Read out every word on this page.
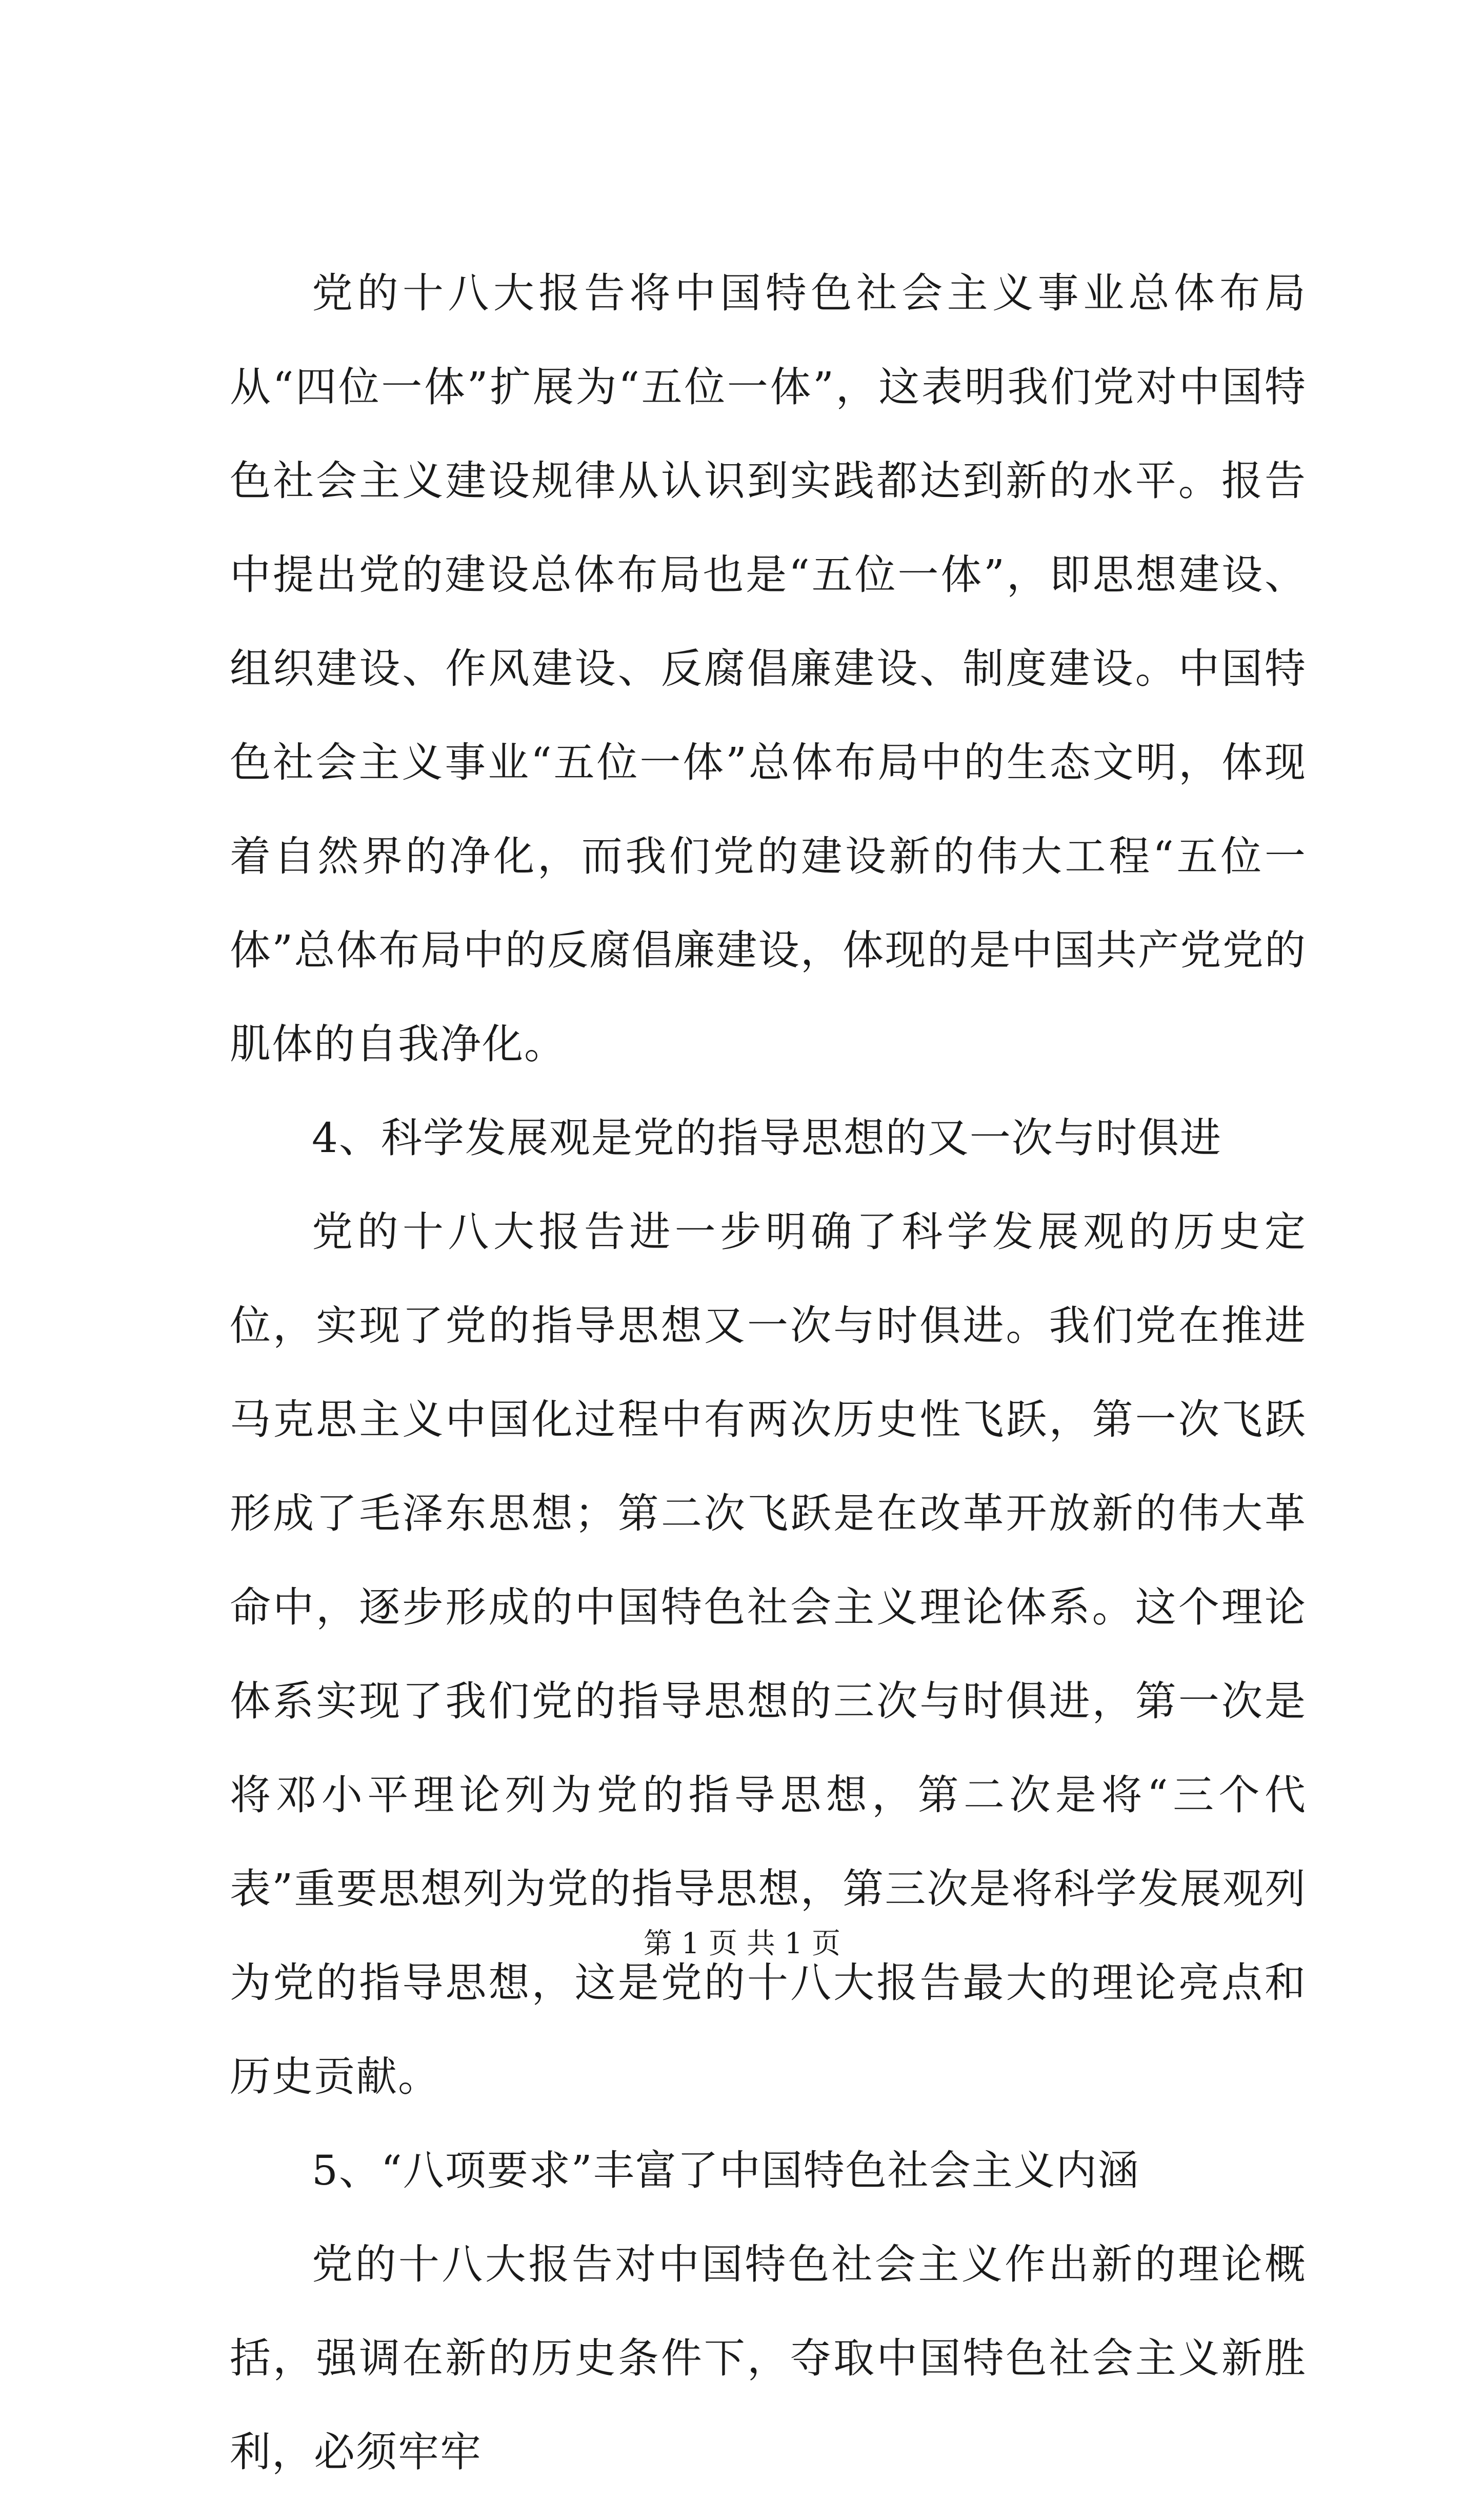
党的十八大报告将中国特色社会主义事业总体布局从“四位一体”扩展为“五位一体”，这表明我们党对中国特色社会主义建设规律从认识到实践都达到新的水平。报告中提出党的建设总体布局也是“五位一体”，即思想建设、组织建设、作风建设、反腐倡廉建设、制度建设。中国特色社会主义事业“五位一体”总体布局中的生态文明，体现着自然界的净化，而我们党的建设新的伟大工程“五位一体”总体布局中的反腐倡廉建设，体现的是中国共产党党的肌体的自我净化。

4、科学发展观是党的指导思想的又一次与时俱进

党的十八大报告进一步明确了科学发展观的历史定位，实现了党的指导思想又一次与时俱进。我们党在推进马克思主义中国化过程中有两次历史性飞跃，第一次飞跃形成了毛泽东思想；第二次飞跃是在改革开放新的伟大革命中，逐步形成的中国特色社会主义理论体系。这个理论体系实现了我们党的指导思想的三次与时俱进，第一次是将邓小平理论列为党的指导思想，第二次是将“三个代表”重要思想列为党的指导思想，第三次是将科学发展观列为党的指导思想，这是党的十八大报告最大的理论亮点和历史贡献。

5、“八项要求”丰富了中国特色社会主义内涵

党的十八大报告对中国特色社会主义作出新的理论概括，强调在新的历史条件下，夺取中国特色社会主义新胜利，必须牢牢

第 1 页 共 1 页
